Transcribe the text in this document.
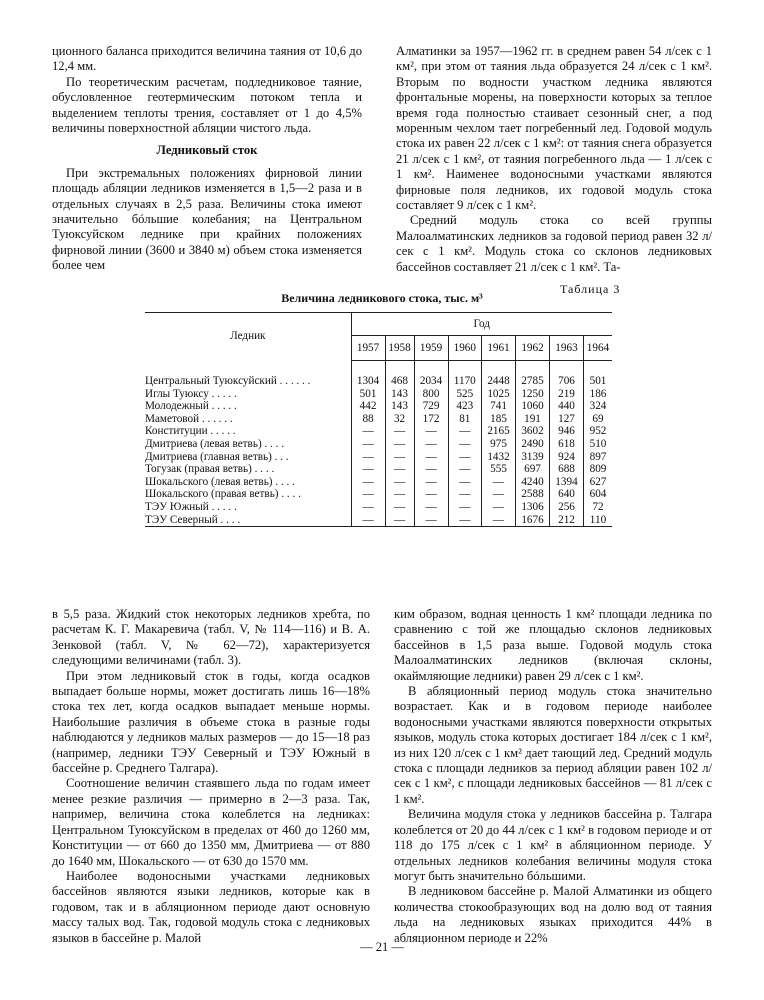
ционного баланса приходится величина таяния от 10,6 до 12,4 мм.

По теоретическим расчетам, подледниковое таяние, обусловленное геотермическим потоком тепла и выделением теплоты трения, составляет от 1 до 4,5% величины поверхностной абляции чистого льда.

Ледниковый сток

При экстремальных положениях фирновой линии площадь абляции ледников изменяется в 1,5—2 раза и в отдельных случаях в 2,5 раза. Величины стока имеют значительно бóльшие колебания; на Центральном Туюксуйском леднике при крайних положениях фирновой линии (3600 и 3840 м) объем стока изменяется более чем

Алматинки за 1957—1962 гг. в среднем равен 54 л/сек с 1 км², при этом от таяния льда образуется 24 л/сек с 1 км². Вторым по водности участком ледника являются фронтальные морены, на поверхности которых за теплое время года полностью стаивает сезонный снег, а под моренным чехлом тает погребенный лед. Годовой модуль стока их равен 22 л/сек с 1 км²: от таяния снега образуется 21 л/сек с 1 км², от таяния погребенного льда — 1 л/сек с 1 км². Наименее водоносными участками являются фирновые поля ледников, их годовой модуль стока составляет 9 л/сек с 1 км².

Средний модуль стока со всей группы Малоалматинских ледников за годовой период равен 32 л/сек с 1 км². Модуль стока со склонов ледниковых бассейнов составляет 21 л/сек с 1 км². Та-

Таблица 3
Величина ледникового стока, тыс. м³
Ледник	Год							
	1957	1958	1959	1960	1961	1962	1963	1964

Центральный Туюксуйский . . . . . .	1304	468	2034	1170	2448	2785	706	501
Иглы Туюксу . . . . .	501	143	800	525	1025	1250	219	186
Молодежный . . . . .	442	143	729	423	741	1060	440	324
Маметовой . . . . . .	88	32	172	81	185	191	127	69
Конституции . . . . .	—	—	—	—	2165	3602	946	952
Дмитриева (левая ветвь) . . . .	—	—	—	—	975	2490	618	510
Дмитриева (главная ветвь) . . .	—	—	—	—	1432	3139	924	897
Тогузак (правая ветвь) . . . .	—	—	—	—	555	697	688	809
Шокальского (левая ветвь) . . . .	—	—	—	—	—	4240	1394	627
Шокальского (правая ветвь) . . . .	—	—	—	—	—	2588	640	604
ТЭУ Южный . . . . .	—	—	—	—	—	1306	256	72
ТЭУ Северный . . . .	—	—	—	—	—	1676	212	110

в 5,5 раза. Жидкий сток некоторых ледников хребта, по расчетам К. Г. Макаревича (табл. V, № 114—116) и В. А. Зенковой (табл. V, № 62—72), характеризуется следующими величинами (табл. 3).

При этом ледниковый сток в годы, когда осадков выпадает больше нормы, может достигать лишь 16—18% стока тех лет, когда осадков выпадает меньше нормы. Наибольшие различия в объеме стока в разные годы наблюдаются у ледников малых размеров — до 15—18 раз (например, ледники ТЭУ Северный и ТЭУ Южный в бассейне р. Среднего Талгара).

Соотношение величин стаявшего льда по годам имеет менее резкие различия — примерно в 2—3 раза. Так, например, величина стока колеблется на ледниках: Центральном Туюксуйском в пределах от 460 до 1260 мм, Конституции — от 660 до 1350 мм, Дмитриева — от 880 до 1640 мм, Шокальского — от 630 до 1570 мм.

Наиболее водоносными участками ледниковых бассейнов являются языки ледников, которые как в годовом, так и в абляционном периоде дают основную массу талых вод. Так, годовой модуль стока с ледниковых языков в бассейне р. Малой

ким образом, водная ценность 1 км² площади ледника по сравнению с той же площадью склонов ледниковых бассейнов в 1,5 раза выше. Годовой модуль стока Малоалматинских ледников (включая склоны, окаймляющие ледники) равен 29 л/сек с 1 км².

В абляционный период модуль стока значительно возрастает. Как и в годовом периоде наиболее водоносными участками являются поверхности открытых языков, модуль стока которых достигает 184 л/сек с 1 км², из них 120 л/сек с 1 км² дает тающий лед. Средний модуль стока с площади ледников за период абляции равен 102 л/сек с 1 км², с площади ледниковых бассейнов — 81 л/сек с 1 км².

Величина модуля стока у ледников бассейна р. Талгара колеблется от 20 до 44 л/сек с 1 км² в годовом периоде и от 118 до 175 л/сек с 1 км² в абляционном периоде. У отдельных ледников колебания величины модуля стока могут быть значительно бóльшими.

В ледниковом бассейне р. Малой Алматинки из общего количества стокообразующих вод на долю вод от таяния льда на ледниковых языках приходится 44% в абляционном периоде и 22%

— 21 —
